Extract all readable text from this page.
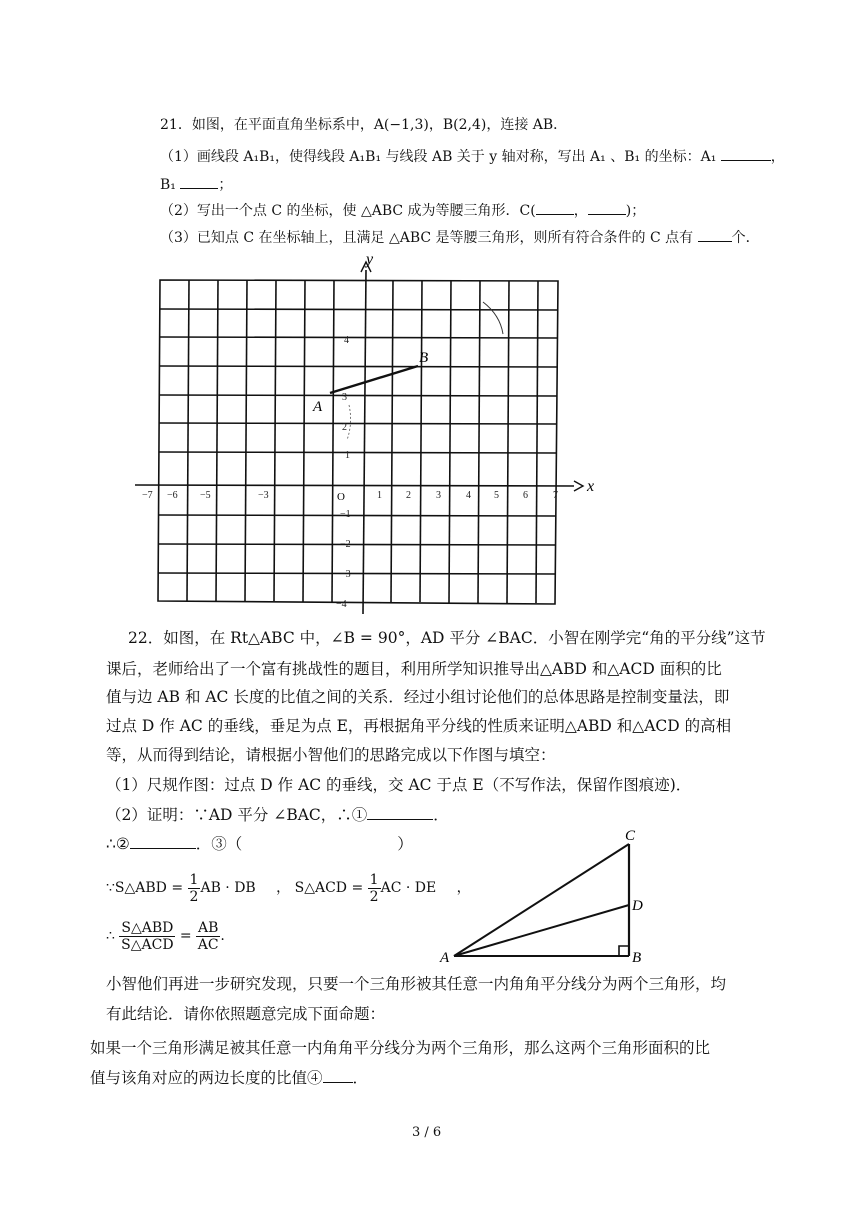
21．如图，在平面直角坐标系中，A(−1,3)，B(2,4)，连接 AB．
（1）画线段 A₁B₁，使得线段 A₁B₁ 与线段 AB 关于 y 轴对称，写出 A₁ 、B₁ 的坐标：A₁	，
B₁	；
（2）写出一个点 C 的坐标，使 △ABC 成为等腰三角形．C(	，	)；
（3）已知点 C 在坐标轴上，且满足 △ABC 是等腰三角形，则所有符合条件的 C 点有	个．
x
y
O
−7 −6 −5	−3	1 2	3	4 5 6	7
4
3
2
1
−1
−2
−3
−4
A
B
22．如图，在 Rt△ABC 中，∠B = 90°，AD 平分 ∠BAC．小智在刚学完“角的平分线”这节
课后，老师给出了一个富有挑战性的题目，利用所学知识推导出△ABD 和△ACD 面积的比
值与边 AB 和 AC 长度的比值之间的关系．经过小组讨论他们的总体思路是控制变量法，即
过点 D 作 AC 的垂线，垂足为点 E，再根据角平分线的性质来证明△ABD 和△ACD 的高相
等，从而得到结论，请根据小智他们的思路完成以下作图与填空：
（1）尺规作图：过点 D 作 AC 的垂线，交 AC 于点 E（不写作法，保留作图痕迹)．
（2）证明：∵AD 平分 ∠BAC，∴①	．
∴②	．③（	）
∵S△ABD = $\frac{1}{2}$ AB · DB ， S△ACD = $\frac{1}{2}$ AC · DE ，
∴ $\frac{\text{S△ABD}}{\text{S△ACD}} = \frac{AB}{AC}$ .
C
D
A	B
小智他们再进一步研究发现，只要一个三角形被其任意一内角角平分线分为两个三角形，均
有此结论．请你依照题意完成下面命题：
如果一个三角形满足被其任意一内角角平分线分为两个三角形，那么这两个三角形面积的比
值与该角对应的两边长度的比值④ ．
3 / 6
